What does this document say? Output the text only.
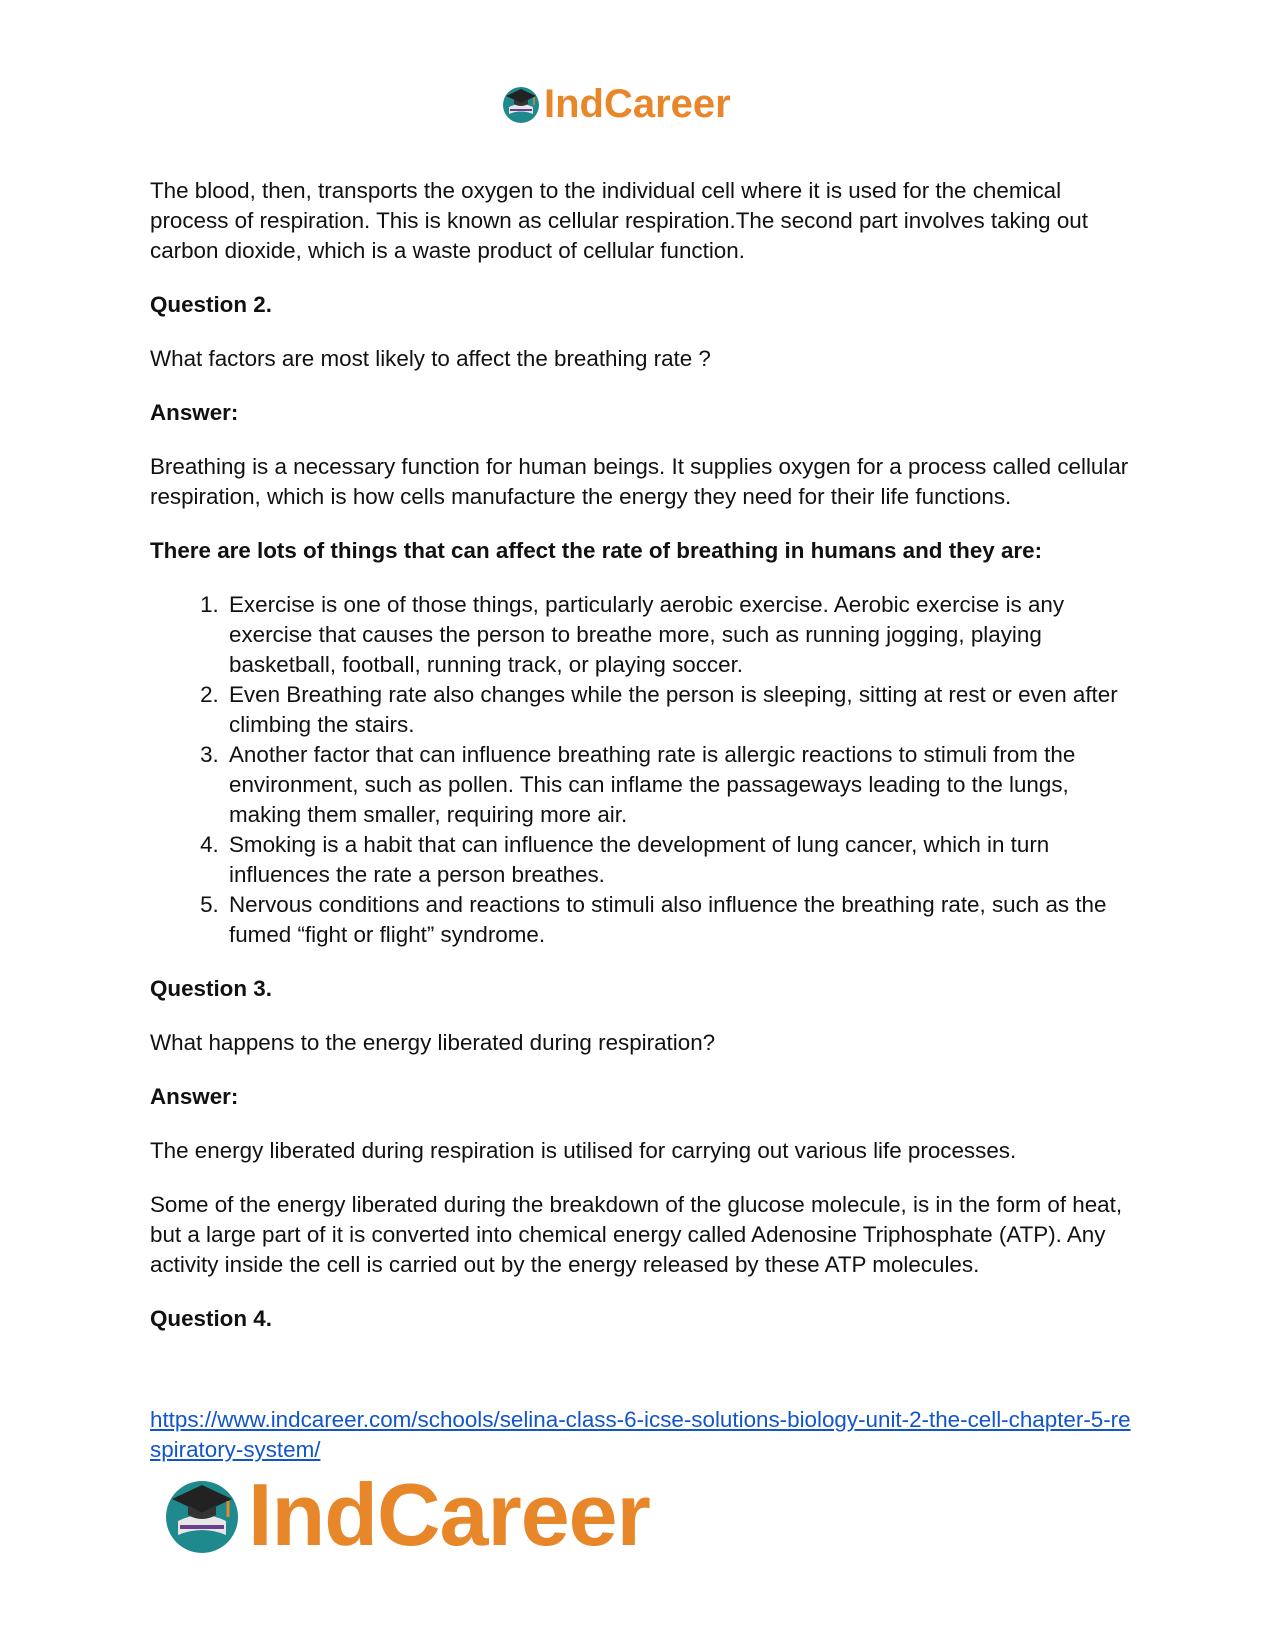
IndCareer

The blood, then, transports the oxygen to the individual cell where it is used for the chemical process of respiration. This is known as cellular respiration.The second part involves taking out carbon dioxide, which is a waste product of cellular function.

Question 2.

What factors are most likely to affect the breathing rate ?

Answer:

Breathing is a necessary function for human beings. It supplies oxygen for a process called cellular respiration, which is how cells manufacture the energy they need for their life functions.

There are lots of things that can affect the rate of breathing in humans and they are:

1. Exercise is one of those things, particularly aerobic exercise. Aerobic exercise is any exercise that causes the person to breathe more, such as running jogging, playing basketball, football, running track, or playing soccer.
2. Even Breathing rate also changes while the person is sleeping, sitting at rest or even after climbing the stairs.
3. Another factor that can influence breathing rate is allergic reactions to stimuli from the environment, such as pollen. This can inflame the passageways leading to the lungs, making them smaller, requiring more air.
4. Smoking is a habit that can influence the development of lung cancer, which in turn influences the rate a person breathes.
5. Nervous conditions and reactions to stimuli also influence the breathing rate, such as the fumed “fight or flight” syndrome.

Question 3.

What happens to the energy liberated during respiration?

Answer:

The energy liberated during respiration is utilised for carrying out various life processes.

Some of the energy liberated during the breakdown of the glucose molecule, is in the form of heat, but a large part of it is converted into chemical energy called Adenosine Triphosphate (ATP). Any activity inside the cell is carried out by the energy released by these ATP molecules.

Question 4.

https://www.indcareer.com/schools/selina-class-6-icse-solutions-biology-unit-2-the-cell-chapter-5-respiratory-system/
IndCareer
